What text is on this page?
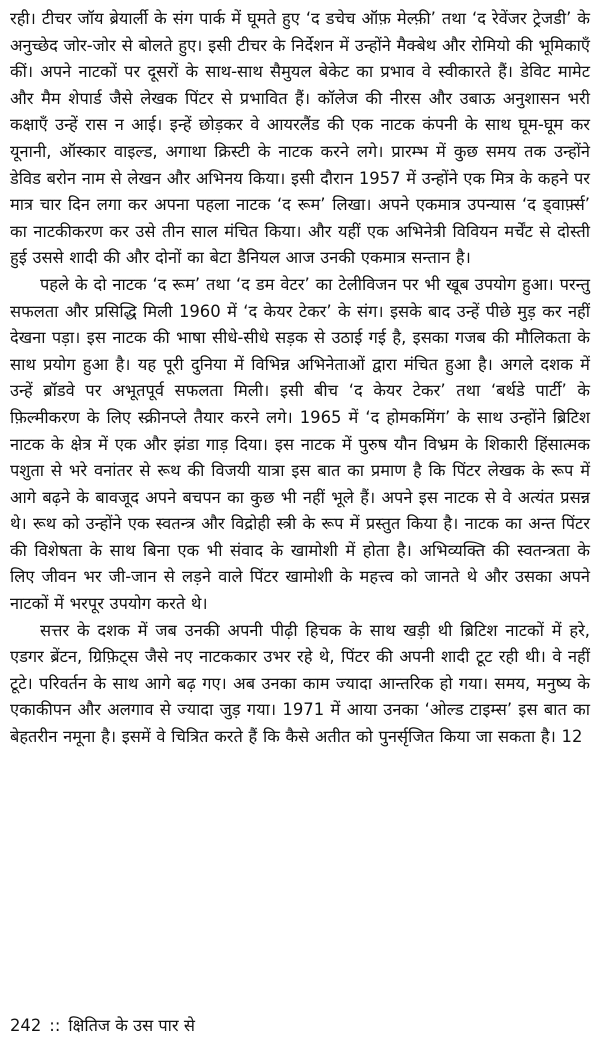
रही। टीचर जॉय ब्रेयार्ली के संग पार्क में घूमते हुए ‘द डचेच ऑफ़ मेल्फ़ी’ तथा ‘द रेवेंजर ट्रेजडी’ के अनुच्छेद जोर-जोर से बोलते हुए। इसी टीचर के निर्देशन में उन्होंने मैक्बेथ और रोमियो की भूमिकाएँ कीं। अपने नाटकों पर दूसरों के साथ-साथ सैमुयल बेकेट का प्रभाव वे स्वीकारते हैं। डेविट मामेट और मैम शेपार्ड जैसे लेखक पिंटर से प्रभावित हैं। कॉलेज की नीरस और उबाऊ अनुशासन भरी कक्षाएँ उन्हें रास न आई। इन्हें छोड़कर वे आयरलैंड की एक नाटक कंपनी के साथ घूम-घूम कर यूनानी, ऑस्कार वाइल्ड, अगाथा क्रिस्टी के नाटक करने लगे। प्रारम्भ में कुछ समय तक उन्होंने डेविड बरोन नाम से लेखन और अभिनय किया। इसी दौरान 1957 में उन्होंने एक मित्र के कहने पर मात्र चार दिन लगा कर अपना पहला नाटक ‘द रूम’ लिखा। अपने एकमात्र उपन्यास ‘द ड्वार्फ़्स’ का नाटकीकरण कर उसे तीन साल मंचित किया। और यहीं एक अभिनेत्री विवियन मर्चेंट से दोस्ती हुई उससे शादी की और दोनों का बेटा डैनियल आज उनकी एकमात्र सन्तान है।

पहले के दो नाटक ‘द रूम’ तथा ‘द डम वेटर’ का टेलीविजन पर भी खूब उपयोग हुआ। परन्तु सफलता और प्रसिद्धि मिली 1960 में ‘द केयर टेकर’ के संग। इसके बाद उन्हें पीछे मुड़ कर नहीं देखना पड़ा। इस नाटक की भाषा सीधे-सीधे सड़क से उठाई गई है, इसका गजब की मौलिकता के साथ प्रयोग हुआ है। यह पूरी दुनिया में विभिन्न अभिनेताओं द्वारा मंचित हुआ है। अगले दशक में उन्हें ब्रॉडवे पर अभूतपूर्व सफलता मिली। इसी बीच ‘द केयर टेकर’ तथा ‘बर्थडे पार्टी’ के फ़िल्मीकरण के लिए स्क्रीनप्ले तैयार करने लगे। 1965 में ‘द होमकमिंग’ के साथ उन्होंने ब्रिटिश नाटक के क्षेत्र में एक और झंडा गाड़ दिया। इस नाटक में पुरुष यौन विभ्रम के शिकारी हिंसात्मक पशुता से भरे वनांतर से रूथ की विजयी यात्रा इस बात का प्रमाण है कि पिंटर लेखक के रूप में आगे बढ़ने के बावजूद अपने बचपन का कुछ भी नहीं भूले हैं। अपने इस नाटक से वे अत्यंत प्रसन्न थे। रूथ को उन्होंने एक स्वतन्त्र और विद्रोही स्त्री के रूप में प्रस्तुत किया है। नाटक का अन्त पिंटर की विशेषता के साथ बिना एक भी संवाद के खामोशी में होता है। अभिव्यक्ति की स्वतन्त्रता के लिए जीवन भर जी-जान से लड़ने वाले पिंटर खामोशी के महत्त्व को जानते थे और उसका अपने नाटकों में भरपूर उपयोग करते थे।

सत्तर के दशक में जब उनकी अपनी पीढ़ी हिचक के साथ खड़ी थी ब्रिटिश नाटकों में हरे, एडगर ब्रेंटन, ग्रिफ़िट्स जैसे नए नाटककार उभर रहे थे, पिंटर की अपनी शादी टूट रही थी। वे नहीं टूटे। परिवर्तन के साथ आगे बढ़ गए। अब उनका काम ज्यादा आन्तरिक हो गया। समय, मनुष्य के एकाकीपन और अलगाव से ज्यादा जुड़ गया। 1971 में आया उनका ‘ओल्ड टाइम्स’ इस बात का बेहतरीन नमूना है। इसमें वे चित्रित करते हैं कि कैसे अतीत को पुनर्सृजित किया जा सकता है। 12

242 :: क्षितिज के उस पार से
